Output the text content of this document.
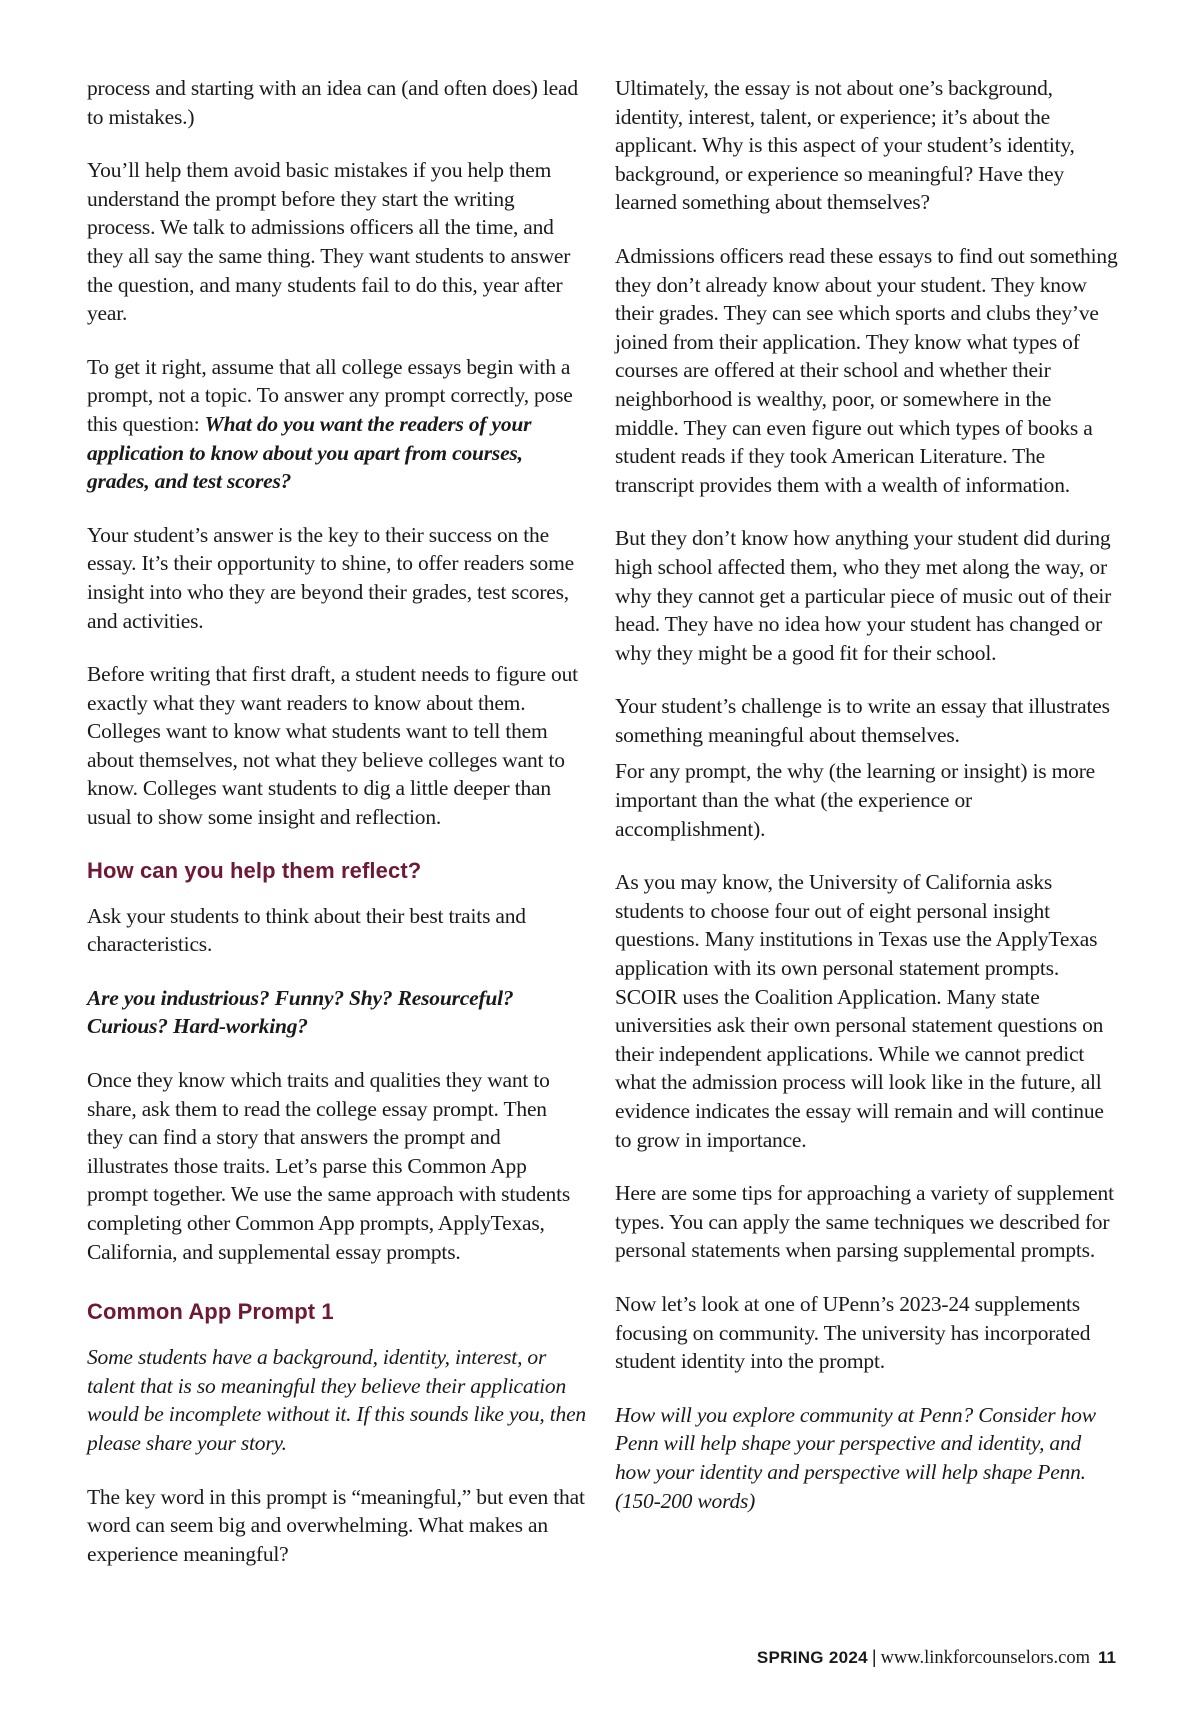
process and starting with an idea can (and often does) lead to mistakes.)

You’ll help them avoid basic mistakes if you help them understand the prompt before they start the writing process. We talk to admissions officers all the time, and they all say the same thing. They want students to answer the question, and many students fail to do this, year after year.

To get it right, assume that all college essays begin with a prompt, not a topic. To answer any prompt correctly, pose this question: What do you want the readers of your application to know about you apart from courses, grades, and test scores?

Your student’s answer is the key to their success on the essay. It’s their opportunity to shine, to offer readers some insight into who they are beyond their grades, test scores, and activities.

Before writing that first draft, a student needs to figure out exactly what they want readers to know about them. Colleges want to know what students want to tell them about themselves, not what they believe colleges want to know. Colleges want students to dig a little deeper than usual to show some insight and reflection.

How can you help them reflect?

Ask your students to think about their best traits and characteristics.

Are you industrious? Funny? Shy? Resourceful? Curious? Hard-working?

Once they know which traits and qualities they want to share, ask them to read the college essay prompt. Then they can find a story that answers the prompt and illustrates those traits. Let’s parse this Common App prompt together. We use the same approach with students completing other Common App prompts, ApplyTexas, California, and supplemental essay prompts.

Common App Prompt 1

Some students have a background, identity, interest, or talent that is so meaningful they believe their application would be incomplete without it. If this sounds like you, then please share your story.

The key word in this prompt is “meaningful,” but even that word can seem big and overwhelming. What makes an experience meaningful?

Ultimately, the essay is not about one’s background, identity, interest, talent, or experience; it’s about the applicant. Why is this aspect of your student’s identity, background, or experience so meaningful? Have they learned something about themselves?

Admissions officers read these essays to find out something they don’t already know about your student. They know their grades. They can see which sports and clubs they’ve joined from their application. They know what types of courses are offered at their school and whether their neighborhood is wealthy, poor, or somewhere in the middle. They can even figure out which types of books a student reads if they took American Literature. The transcript provides them with a wealth of information.

But they don’t know how anything your student did during high school affected them, who they met along the way, or why they cannot get a particular piece of music out of their head. They have no idea how your student has changed or why they might be a good fit for their school.

Your student’s challenge is to write an essay that illustrates something meaningful about themselves.

For any prompt, the why (the learning or insight) is more important than the what (the experience or accomplishment).

As you may know, the University of California asks students to choose four out of eight personal insight questions. Many institutions in Texas use the ApplyTexas application with its own personal statement prompts. SCOIR uses the Coalition Application. Many state universities ask their own personal statement questions on their independent applications. While we cannot predict what the admission process will look like in the future, all evidence indicates the essay will remain and will continue to grow in importance.

Here are some tips for approaching a variety of supplement types. You can apply the same techniques we described for personal statements when parsing supplemental prompts.

Now let’s look at one of UPenn’s 2023-24 supplements focusing on community. The university has incorporated student identity into the prompt.

How will you explore community at Penn? Consider how Penn will help shape your perspective and identity, and how your identity and perspective will help shape Penn. (150-200 words)

SPRING 2024 | www.linkforcounselors.com 11
